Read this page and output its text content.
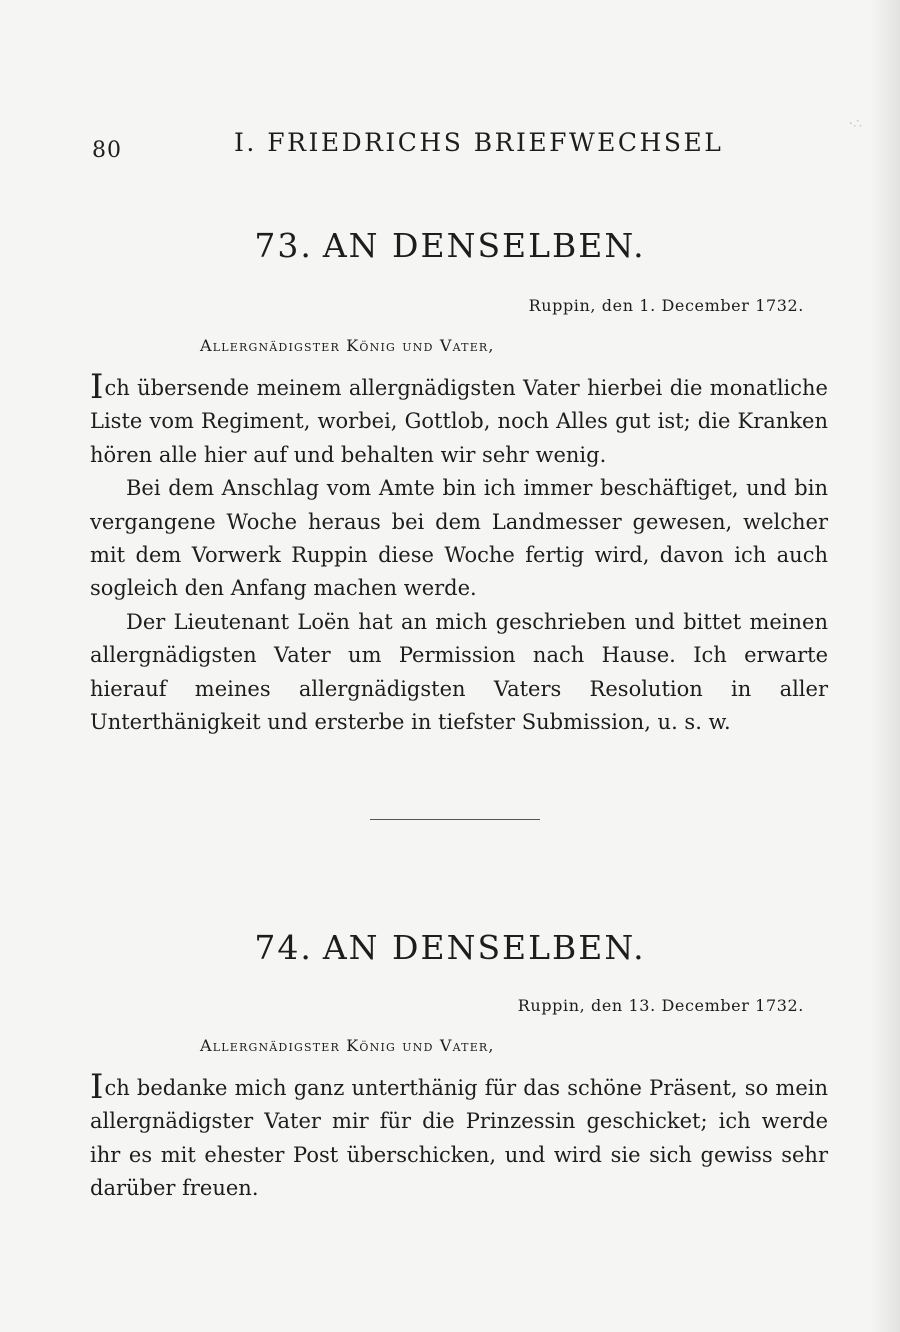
·∴
80	I. FRIEDRICHS BRIEFWECHSEL
73. AN DENSELBEN.
Ruppin, den 1. December 1732.
Allergnädigster König und Vater,

Ich übersende meinem allergnädigsten Vater hierbei die monatliche Liste vom Regiment, worbei, Gottlob, noch Alles gut ist; die Kranken hören alle hier auf und behalten wir sehr wenig.

Bei dem Anschlag vom Amte bin ich immer beschäftiget, und bin vergangene Woche heraus bei dem Landmesser gewesen, welcher mit dem Vorwerk Ruppin diese Woche fertig wird, davon ich auch sogleich den Anfang machen werde.

Der Lieutenant Loën hat an mich geschrieben und bittet meinen allergnädigsten Vater um Permission nach Hause. Ich erwarte hierauf meines allergnädigsten Vaters Resolution in aller Unterthänigkeit und ersterbe in tiefster Submission, u. s. w.

74. AN DENSELBEN.
Ruppin, den 13. December 1732.
Allergnädigster König und Vater,

Ich bedanke mich ganz unterthänig für das schöne Präsent, so mein allergnädigster Vater mir für die Prinzessin geschicket; ich werde ihr es mit ehester Post überschicken, und wird sie sich gewiss sehr darüber freuen.
